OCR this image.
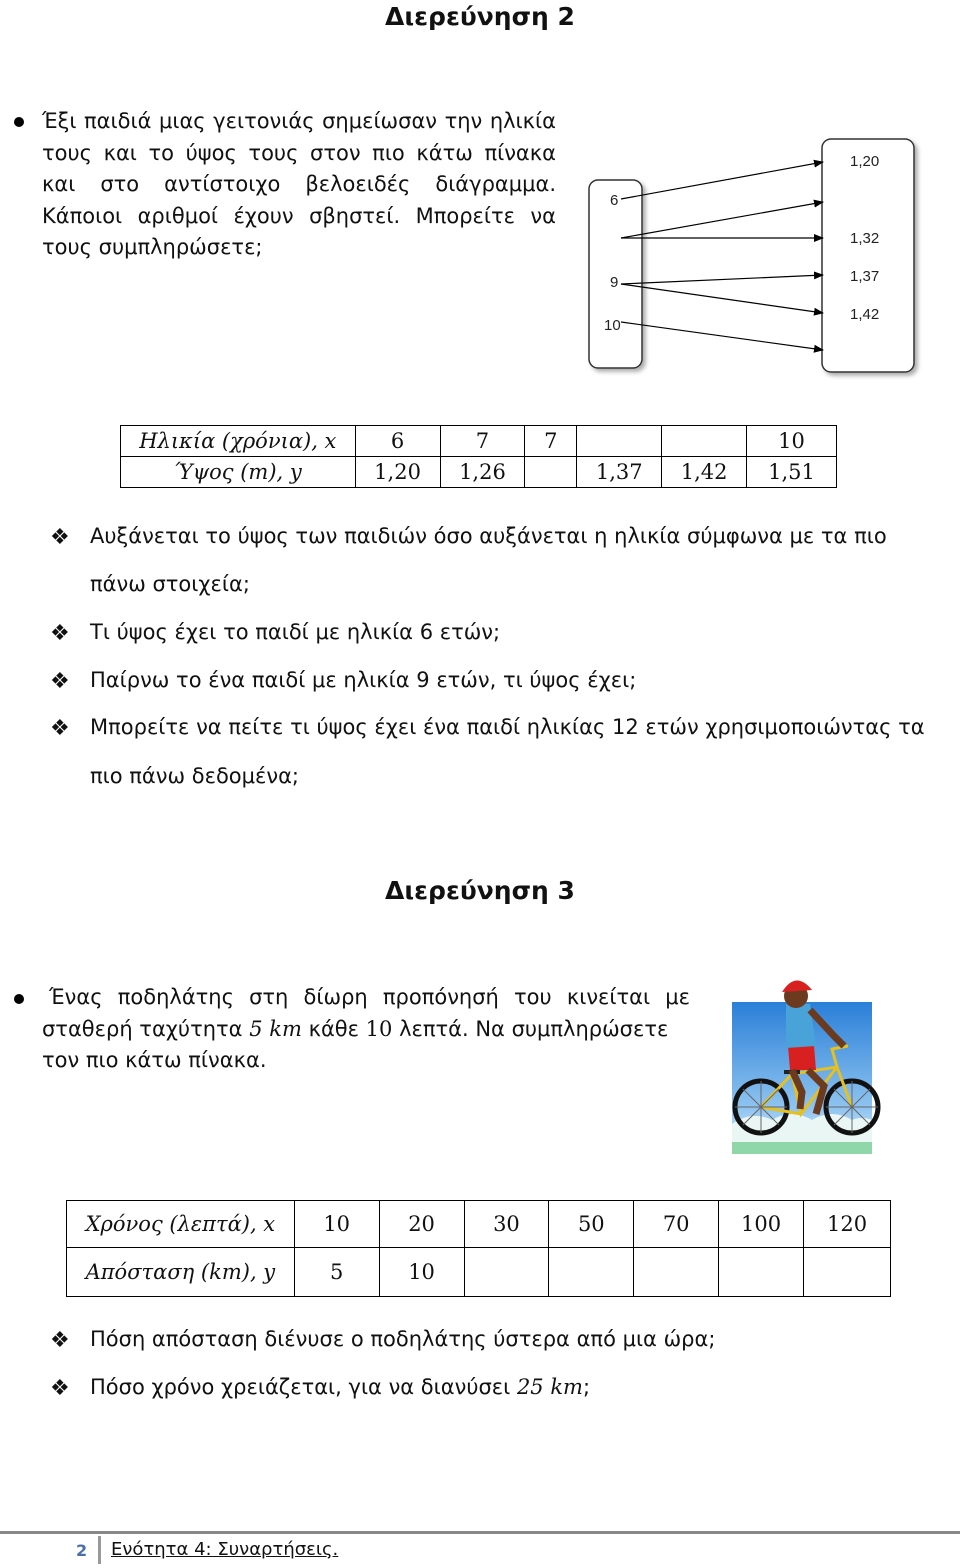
Διερεύνηση 2
Έξι παιδιά μιας γειτονιάς σημείωσαν την ηλικία
τους και το ύψος τους στον πιο κάτω πίνακα
και στο αντίστοιχο βελοειδές διάγραμμα.
Κάποιοι αριθμοί έχουν σβηστεί. Μπορείτε να
τους συμπληρώσετε;
6
9
10
1,20
1,32
1,37
1,42
Ηλικία (χρόνια), x	6	7	7			10
Ύψος (m), y	1,20	1,26		1,37	1,42	1,51
❖ Αυξάνεται το ύψος των παιδιών όσο αυξάνεται η ηλικία σύμφωνα με τα πιο
πάνω στοιχεία;
❖ Τι ύψος έχει το παιδί με ηλικία 6 ετών;
❖ Παίρνω το ένα παιδί με ηλικία 9 ετών, τι ύψος έχει;
❖ Μπορείτε να πείτε τι ύψος έχει ένα παιδί ηλικίας 12 ετών χρησιμοποιώντας τα
πιο πάνω δεδομένα;
Διερεύνηση 3
Ένας ποδηλάτης στη δίωρη προπόνησή του κινείται με
σταθερή ταχύτητα 5 km κάθε 10 λεπτά. Να συμπληρώσετε
τον πιο κάτω πίνακα.
Χρόνος (λεπτά), x	10	20	30	50	70	100	120
Απόσταση (km), y	5	10					
❖ Πόση απόσταση διένυσε ο ποδηλάτης ύστερα από μια ώρα;
❖ Πόσο χρόνο χρειάζεται, για να διανύσει 25 km;
2 Ενότητα 4: Συναρτήσεις.
